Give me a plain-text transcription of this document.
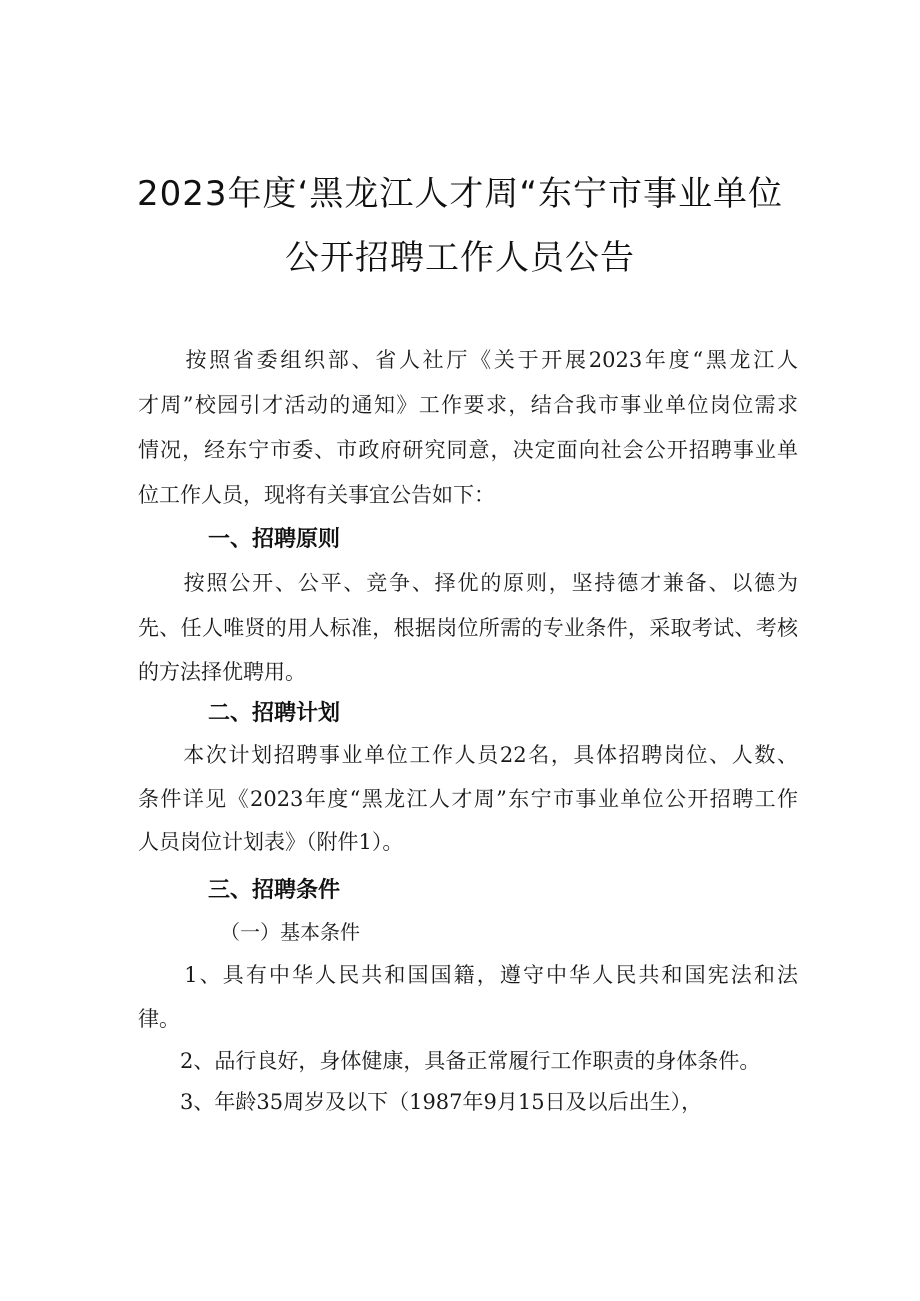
2023年度‘黑龙江人才周“东宁市事业单位
公开招聘工作人员公告
　　按照省委组织部、省人社厅《关于开展2023年度“黑龙江人
才周”校园引才活动的通知》工作要求，结合我市事业单位岗位需求
情况，经东宁市委、市政府研究同意，决定面向社会公开招聘事业单
位工作人员，现将有关事宜公告如下：
一、招聘原则
　　按照公开、公平、竞争、择优的原则，坚持德才兼备、以德为
先、任人唯贤的用人标准，根据岗位所需的专业条件，采取考试、考核
的方法择优聘用。
二、招聘计划
　　本次计划招聘事业单位工作人员22名，具体招聘岗位、人数、
条件详见《2023年度“黑龙江人才周”东宁市事业单位公开招聘工作
人员岗位计划表》（附件1）。
三、招聘条件
（一）基本条件
　　1、具有中华人民共和国国籍，遵守中华人民共和国宪法和法
律。
　　2、品行良好，身体健康，具备正常履行工作职责的身体条件。
　　3、年龄35周岁及以下（1987年9月15日及以后出生），
